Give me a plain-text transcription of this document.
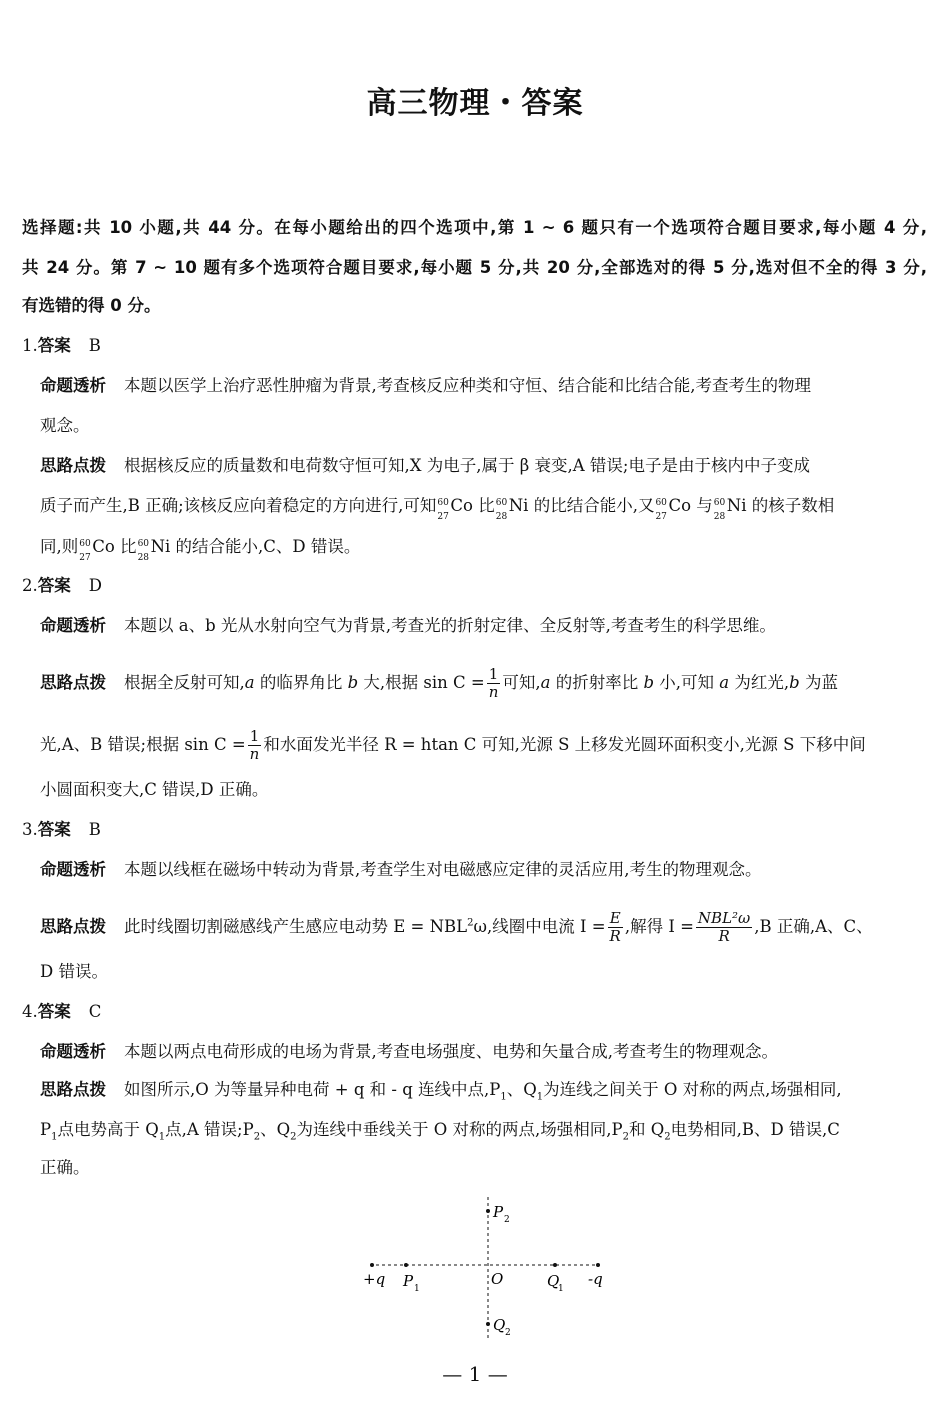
高三物理・答案
选择题:共 10 小题,共 44 分。在每小题给出的四个选项中,第 1 ~ 6 题只有一个选项符合题目要求,每小题 4 分,
共 24 分。第 7 ~ 10 题有多个选项符合题目要求,每小题 5 分,共 20 分,全部选对的得 5 分,选对但不全的得 3 分,
有选错的得 0 分。
1.答案 B
命题透析 本题以医学上治疗恶性肿瘤为背景,考查核反应种类和守恒、结合能和比结合能,考查考生的物理
观念。
思路点拨 根据核反应的质量数和电荷数守恒可知,X 为电子,属于 β 衰变,A 错误;电子是由于核内中子变成
质子而产生,B 正确;该核反应向着稳定的方向进行,可知 60
27
Co 比 60
28
Ni 的比结合能小,又 60
27
Co 与 60
28
Ni 的核子数相
同,则 60
27
Co 比 60
28
Ni 的结合能小,C、D 错误。
2.答案 D
命题透析 本题以 a、b 光从水射向空气为背景,考查光的折射定律、全反射等,考查考生的科学思维。
思路点拨 根据全反射可知,a 的临界角比 b 大,根据 $\sin C = \frac{1}{n}$ 可知,a 的折射率比 b 小,可知 a 为红光,b 为蓝
光,A、B 错误;根据 $\sin C = \frac{1}{n}$ 和水面发光半径 R = htan C 可知,光源 S 上移发光圆环面积变小,光源 S 下移中间
小圆面积变大,C 错误,D 正确。
3.答案 B
命题透析 本题以线框在磁场中转动为背景,考查学生对电磁感应定律的灵活应用,考生的物理观念。
思路点拨 此时线圈切割磁感线产生感应电动势 $E = NBL^2\omega$,线圈中电流 $I = \frac{E}{R}$ ,解得 $I = \frac{\text{NBL²ω}}{R} ,B$ 正确,A、C、
D 错误。
4.答案 C
命题透析 本题以两点电荷形成的电场为背景,考查电场强度、电势和矢量合成,考查考生的物理观念。
思路点拨 如图所示,O 为等量异种电荷 + q 和 - q 连线中点$,P_1$、$Q_1$为连线之间关于 O 对称的两点,场强相同,
$P_1$点电势高于 $Q_1$点,A 错误$;P_2$、$Q_2$为连线中垂线关于 O 对称的两点,场强相同$,P_2$和 $Q_2$电势相同,B、D 错误,C
正确。
+q P 1
O	Q
1
-q
P 2
Q 2
— 1 —
